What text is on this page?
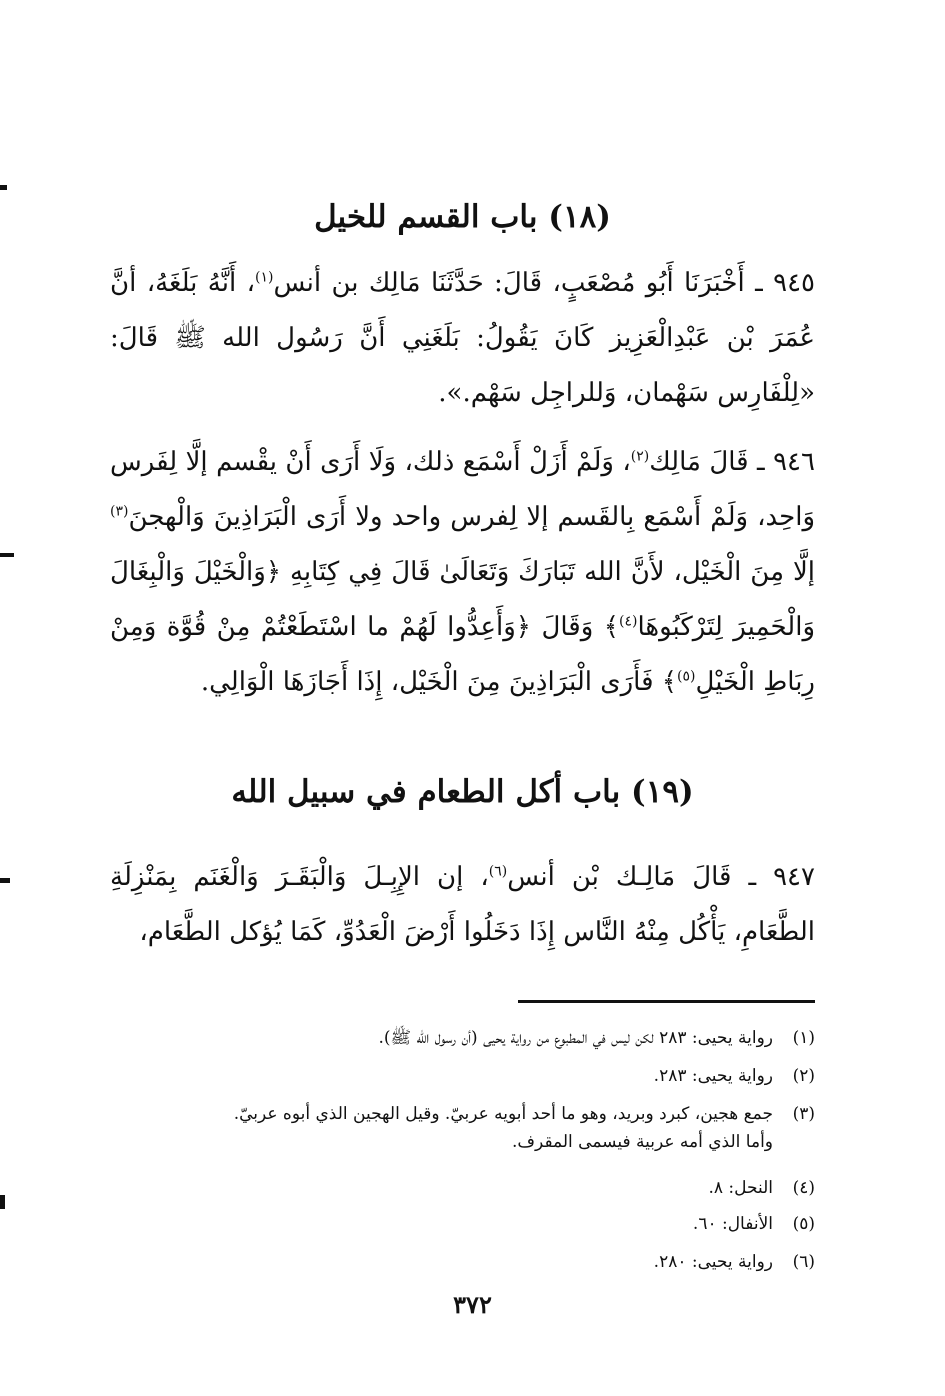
(١٨) باب القسم للخيل

٩٤٥ ـ أَخْبَرَنَا أَبُو مُصْعَبٍ، قَالَ: حَدَّثَنَا مَالِك بن أنس$^{(١)}$، أَنَّهُ بَلَغَهُ، أنَّ عُمَرَ بْن عَبْدِالْعَزِيز كَانَ يَقُولُ: بَلَغَنِي أَنَّ رَسُول الله ﷺ قَالَ: «لِلْفَارِس سَهْمان، وَللراجِل سَهْم.».

٩٤٦ ـ قَالَ مَالِك$^{(٢)}$، وَلَمْ أَزَلْ أَسْمَع ذلك، وَلَا أَرَى أَنْ يقْسم إلَّا لِفَرس وَاحِد، وَلَمْ أَسْمَع بِالقَسم إلا لِفرس واحد ولا أَرَى الْبَرَاذِينَ وَالْهجنَ$^{(٣)}$ إلَّا مِنَ الْخَيْل، لأَنَّ الله تَبَارَكَ وَتَعَالَىٰ قَالَ فِي كِتَابِهِ ﴿وَالْخَيْلَ وَالْبِغَالَ وَالْحَمِيرَ لِتَرْكَبُوهَا$^{(٤)}$﴾ وَقَالَ ﴿وَأَعِدُّوا لَهُمْ ما اسْتَطَعْتُمْ مِنْ قُوَّة وَمِنْ رِبَاطِ الْخَيْلِ$^{(٥)}$﴾ فَأَرَى الْبَرَاذِينَ مِنَ الْخَيْل، إِذَا أَجَازَهَا الْوَالِي.

(١٩) باب أكل الطعام في سبيل الله

٩٤٧ ـ قَالَ مَالِـك بْن أنس$^{(٦)}$، إن الإِبِـلَ وَالْبَقَـرَ وَالْغَنَم بِمَنْزِلَةِ الطَّعَامِ، يَأْكُل مِنْهُ النَّاس إِذَا دَخَلُوا أَرْضَ الْعَدُوِّ، كَمَا يُؤكل الطَّعَام،

(١)رواية يحيى: ٢٨٣ لكن ليس في المطبوع من رواية يحيى (أن رسول الله ﷺ).

(٢)رواية يحيى: ٢٨٣.

(٣)جمع هجين، كبرد وبريد، وهو ما أحد أبويه عربيّ. وقيل الهجين الذي أبوه عربيّ.
وأما الذي أمه عربية فيسمى المقرف.

(٤)النحل: ٨.

(٥)الأنفال: ٦٠.

(٦)رواية يحيى: ٢٨٠.

٣٧٢
